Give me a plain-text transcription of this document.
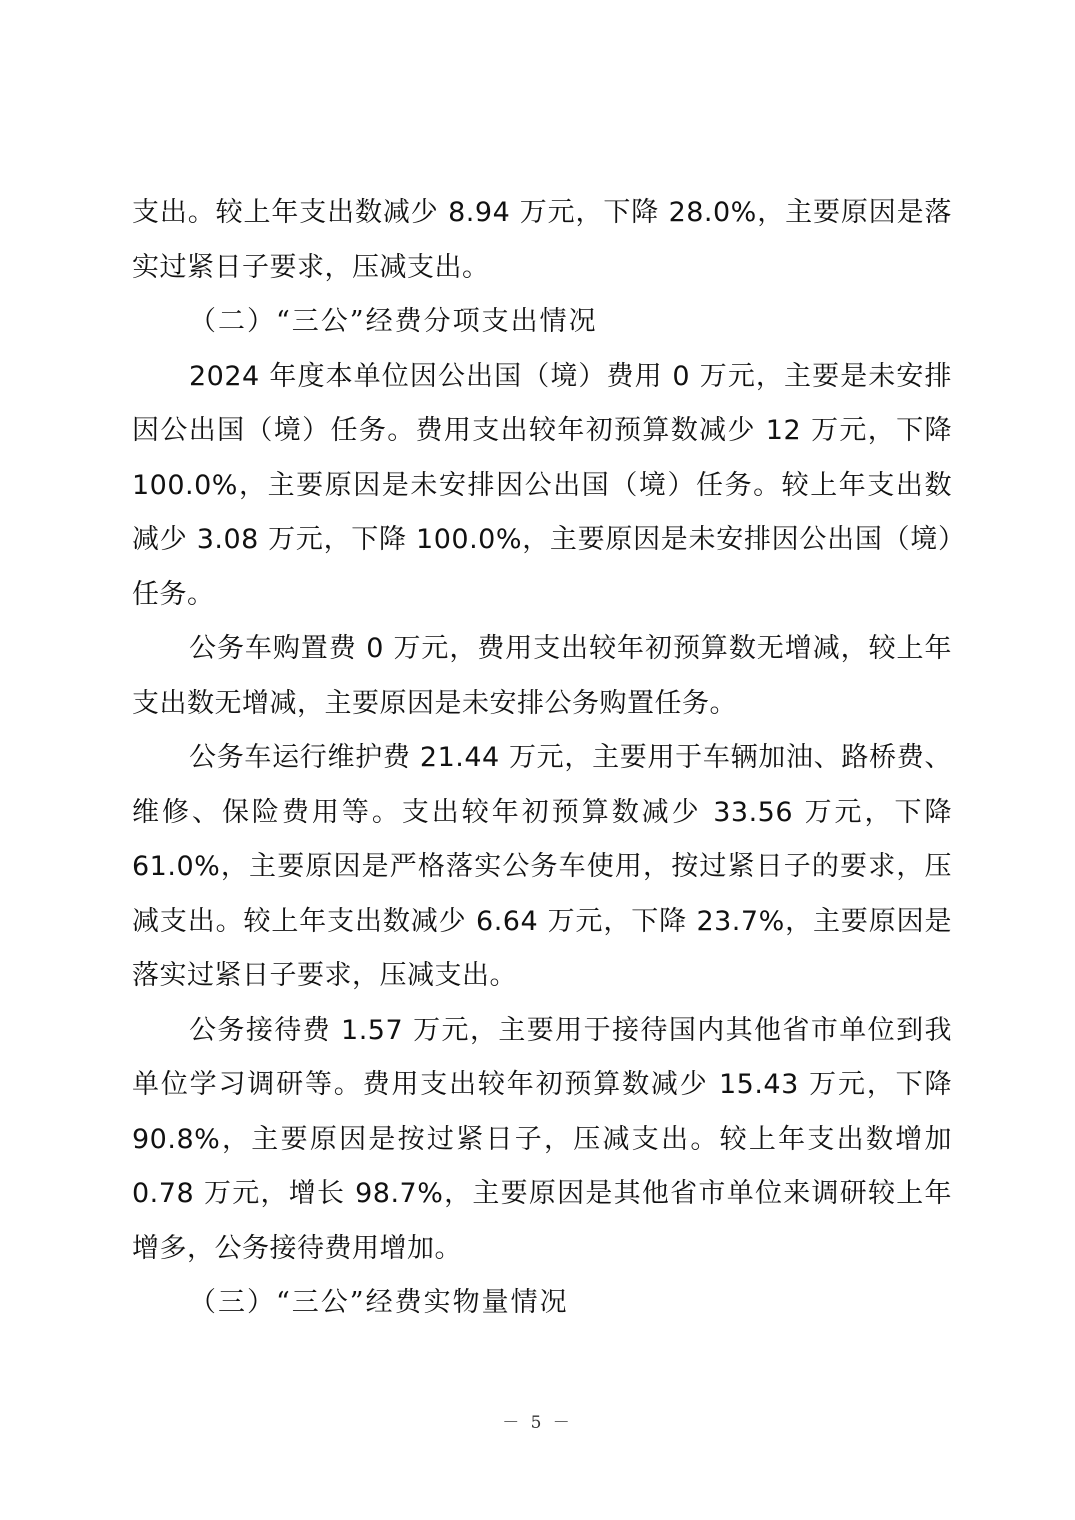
支出。较上年支出数减少 8.94 万元，下降 28.0%，主要原因是落实过紧日子要求，压减支出。

（二）“三公”经费分项支出情况

2024 年度本单位因公出国（境）费用 0 万元，主要是未安排因公出国（境）任务。费用支出较年初预算数减少 12 万元，下降 100.0%，主要原因是未安排因公出国（境）任务。较上年支出数减少 3.08 万元，下降 100.0%，主要原因是未安排因公出国（境）任务。

公务车购置费 0 万元，费用支出较年初预算数无增减，较上年支出数无增减，主要原因是未安排公务购置任务。

公务车运行维护费 21.44 万元，主要用于车辆加油、路桥费、维修、保险费用等。支出较年初预算数减少 33.56 万元，下降 61.0%，主要原因是严格落实公务车使用，按过紧日子的要求，压减支出。较上年支出数减少 6.64 万元，下降 23.7%，主要原因是落实过紧日子要求，压减支出。

公务接待费 1.57 万元，主要用于接待国内其他省市单位到我单位学习调研等。费用支出较年初预算数减少 15.43 万元，下降 90.8%，主要原因是按过紧日子，压减支出。较上年支出数增加 0.78 万元，增长 98.7%，主要原因是其他省市单位来调研较上年增多，公务接待费用增加。

（三）“三公”经费实物量情况

－ 5 －
